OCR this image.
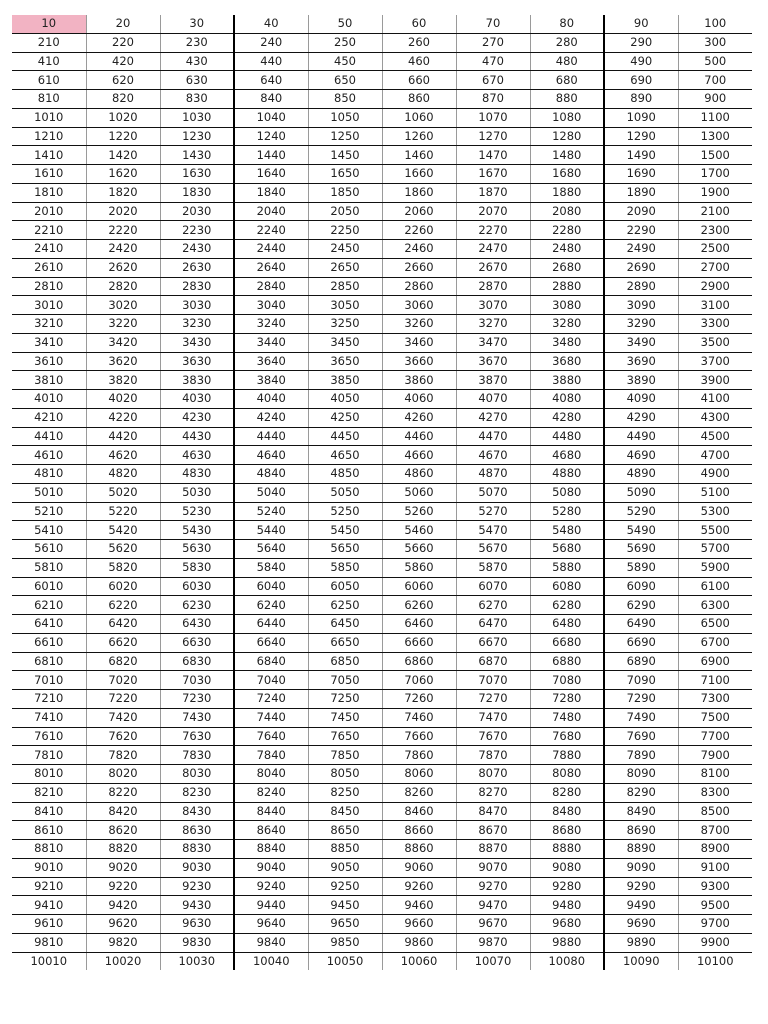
10	20	30	40	50	60	70	80	90	100
210	220	230	240	250	260	270	280	290	300
410	420	430	440	450	460	470	480	490	500
610	620	630	640	650	660	670	680	690	700
810	820	830	840	850	860	870	880	890	900
1010	1020	1030	1040	1050	1060	1070	1080	1090	1100
1210	1220	1230	1240	1250	1260	1270	1280	1290	1300
1410	1420	1430	1440	1450	1460	1470	1480	1490	1500
1610	1620	1630	1640	1650	1660	1670	1680	1690	1700
1810	1820	1830	1840	1850	1860	1870	1880	1890	1900
2010	2020	2030	2040	2050	2060	2070	2080	2090	2100
2210	2220	2230	2240	2250	2260	2270	2280	2290	2300
2410	2420	2430	2440	2450	2460	2470	2480	2490	2500
2610	2620	2630	2640	2650	2660	2670	2680	2690	2700
2810	2820	2830	2840	2850	2860	2870	2880	2890	2900
3010	3020	3030	3040	3050	3060	3070	3080	3090	3100
3210	3220	3230	3240	3250	3260	3270	3280	3290	3300
3410	3420	3430	3440	3450	3460	3470	3480	3490	3500
3610	3620	3630	3640	3650	3660	3670	3680	3690	3700
3810	3820	3830	3840	3850	3860	3870	3880	3890	3900
4010	4020	4030	4040	4050	4060	4070	4080	4090	4100
4210	4220	4230	4240	4250	4260	4270	4280	4290	4300
4410	4420	4430	4440	4450	4460	4470	4480	4490	4500
4610	4620	4630	4640	4650	4660	4670	4680	4690	4700
4810	4820	4830	4840	4850	4860	4870	4880	4890	4900
5010	5020	5030	5040	5050	5060	5070	5080	5090	5100
5210	5220	5230	5240	5250	5260	5270	5280	5290	5300
5410	5420	5430	5440	5450	5460	5470	5480	5490	5500
5610	5620	5630	5640	5650	5660	5670	5680	5690	5700
5810	5820	5830	5840	5850	5860	5870	5880	5890	5900
6010	6020	6030	6040	6050	6060	6070	6080	6090	6100
6210	6220	6230	6240	6250	6260	6270	6280	6290	6300
6410	6420	6430	6440	6450	6460	6470	6480	6490	6500
6610	6620	6630	6640	6650	6660	6670	6680	6690	6700
6810	6820	6830	6840	6850	6860	6870	6880	6890	6900
7010	7020	7030	7040	7050	7060	7070	7080	7090	7100
7210	7220	7230	7240	7250	7260	7270	7280	7290	7300
7410	7420	7430	7440	7450	7460	7470	7480	7490	7500
7610	7620	7630	7640	7650	7660	7670	7680	7690	7700
7810	7820	7830	7840	7850	7860	7870	7880	7890	7900
8010	8020	8030	8040	8050	8060	8070	8080	8090	8100
8210	8220	8230	8240	8250	8260	8270	8280	8290	8300
8410	8420	8430	8440	8450	8460	8470	8480	8490	8500
8610	8620	8630	8640	8650	8660	8670	8680	8690	8700
8810	8820	8830	8840	8850	8860	8870	8880	8890	8900
9010	9020	9030	9040	9050	9060	9070	9080	9090	9100
9210	9220	9230	9240	9250	9260	9270	9280	9290	9300
9410	9420	9430	9440	9450	9460	9470	9480	9490	9500
9610	9620	9630	9640	9650	9660	9670	9680	9690	9700
9810	9820	9830	9840	9850	9860	9870	9880	9890	9900
10010	10020	10030	10040	10050	10060	10070	10080	10090	10100
